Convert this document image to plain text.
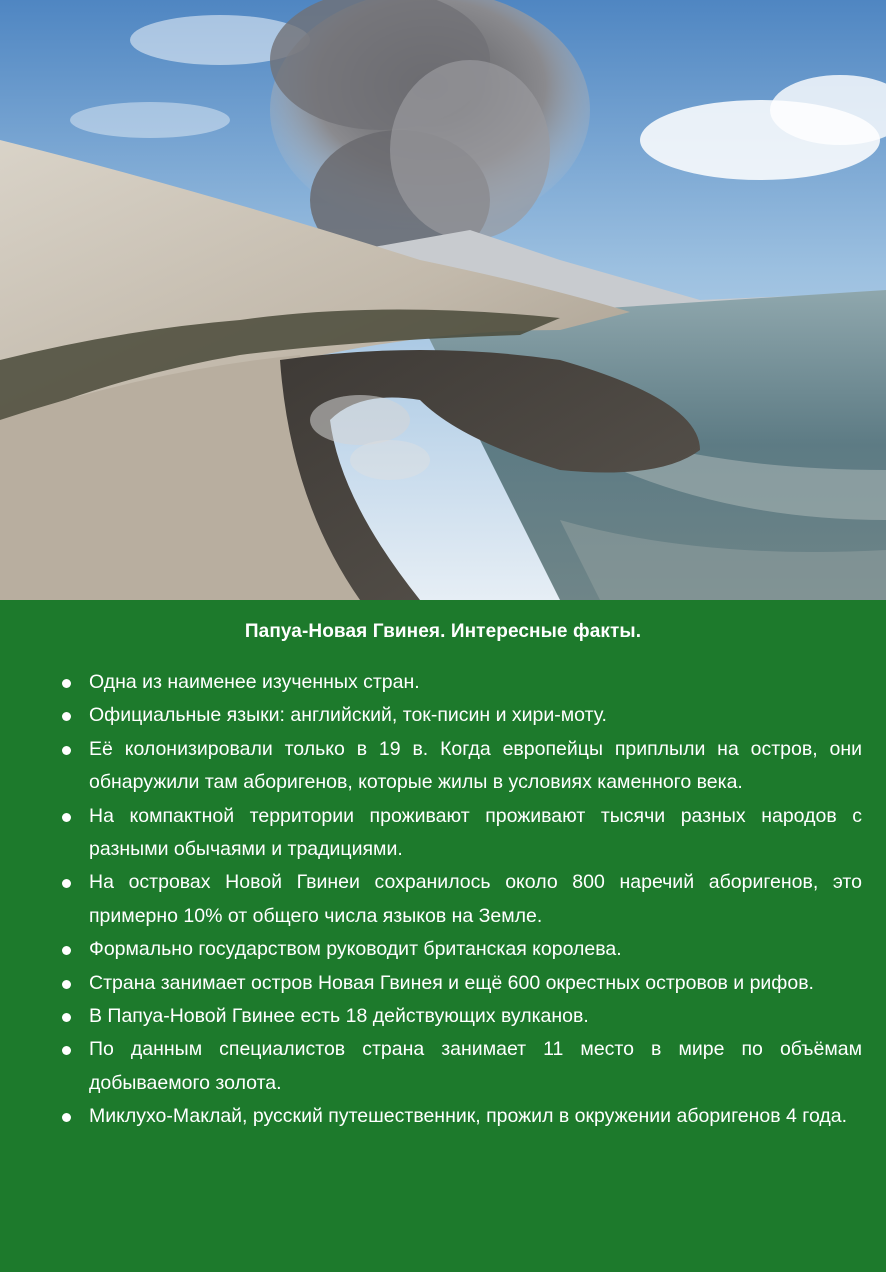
Папуа-Новая Гвинея. Интересные факты.
Одна из наименее изученных стран.
Официальные языки: английский, ток-писин и хири-моту.
Её колонизировали только в 19 в. Когда европейцы приплыли на остров, они обнаружили там аборигенов, которые жилы в условиях каменного века.
На компактной территории проживают проживают тысячи разных народов с разными обычаями и традициями.
На островах Новой Гвинеи сохранилось около 800 наречий аборигенов, это примерно 10% от общего числа языков на Земле.
Формально государством руководит британская королева.
Страна занимает остров Новая Гвинея и ещё 600 окрестных островов и рифов.
В Папуа-Новой Гвинее есть 18 действующих вулканов.
По данным специалистов страна занимает 11 место в мире по объёмам добываемого золота.
Миклухо-Маклай, русский путешественник, прожил в окружении аборигенов 4 года.
